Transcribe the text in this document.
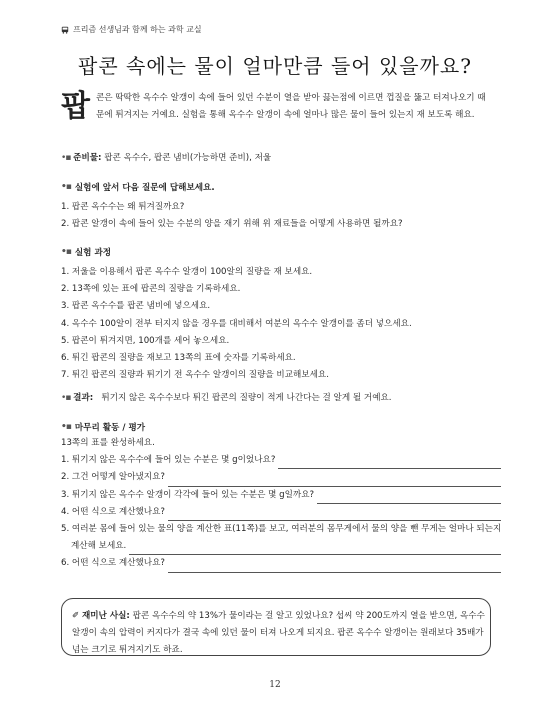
프리즘 선생님과 함께 하는 과학 교실
팝콘 속에는 물이 얼마만큼 들어 있을까요?
팝 콘은 딱딱한 옥수수 알갱이 속에 들어 있던 수분이 열을 받아 끓는점에 이르면 껍질을 뚫고 터져나오기 때문에 튀겨지는 거예요. 실험을 통해 옥수수 알갱이 속에 얼마나 많은 물이 들어 있는지 재 보도록 해요.
•▪ 준비물: 팝콘 옥수수, 팝콘 냄비(가능하면 준비), 저울
•▪ 실험에 앞서 다음 질문에 답해보세요.
1. 팝콘 옥수수는 왜 튀겨질까요?
2. 팝콘 알갱이 속에 들어 있는 수분의 양을 재기 위해 위 재료들을 어떻게 사용하면 될까요?
•▪ 실험 과정
1. 저울을 이용해서 팝콘 옥수수 알갱이 100알의 질량을 재 보세요.
2. 13쪽에 있는 표에 팝콘의 질량을 기록하세요.
3. 팝콘 옥수수를 팝콘 냄비에 넣으세요.
4. 옥수수 100알이 전부 터지지 않을 경우를 대비해서 여분의 옥수수 알갱이를 좀더 넣으세요.
5. 팝콘이 튀겨지면, 100개를 세어 놓으세요.
6. 튀긴 팝콘의 질량을 재보고 13쪽의 표에 숫자를 기록하세요.
7. 튀긴 팝콘의 질량과 튀기기 전 옥수수 알갱이의 질량을 비교해보세요.
•▪ 결과: 튀기지 않은 옥수수보다 튀긴 팝콘의 질량이 적게 나간다는 걸 알게 될 거예요.
•▪ 마무리 활동 / 평가
13쪽의 표를 완성하세요.
1. 튀기지 않은 옥수수에 들어 있는 수분은 몇 g이었나요?
2. 그건 어떻게 알아냈지요?
3. 튀기지 않은 옥수수 알갱이 각각에 들어 있는 수분은 몇 g일까요?
4. 어떤 식으로 계산했나요?
5. 여러분 몸에 들어 있는 물의 양을 계산한 표(11쪽)를 보고, 여러분의 몸무게에서 물의 양을 뺀 무게는 얼마나 되는지
계산해 보세요.
6. 어떤 식으로 계산했나요?
✐ 재미난 사실: 팝콘 옥수수의 약 13%가 물이라는 걸 알고 있었나요? 섭씨 약 200도까지 열을 받으면, 옥수수
알갱이 속의 압력이 커지다가 결국 속에 있던 물이 터져 나오게 되지요. 팝콘 옥수수 알갱이는 원래보다 35배가
넘는 크기로 튀겨지기도 하죠.
12
